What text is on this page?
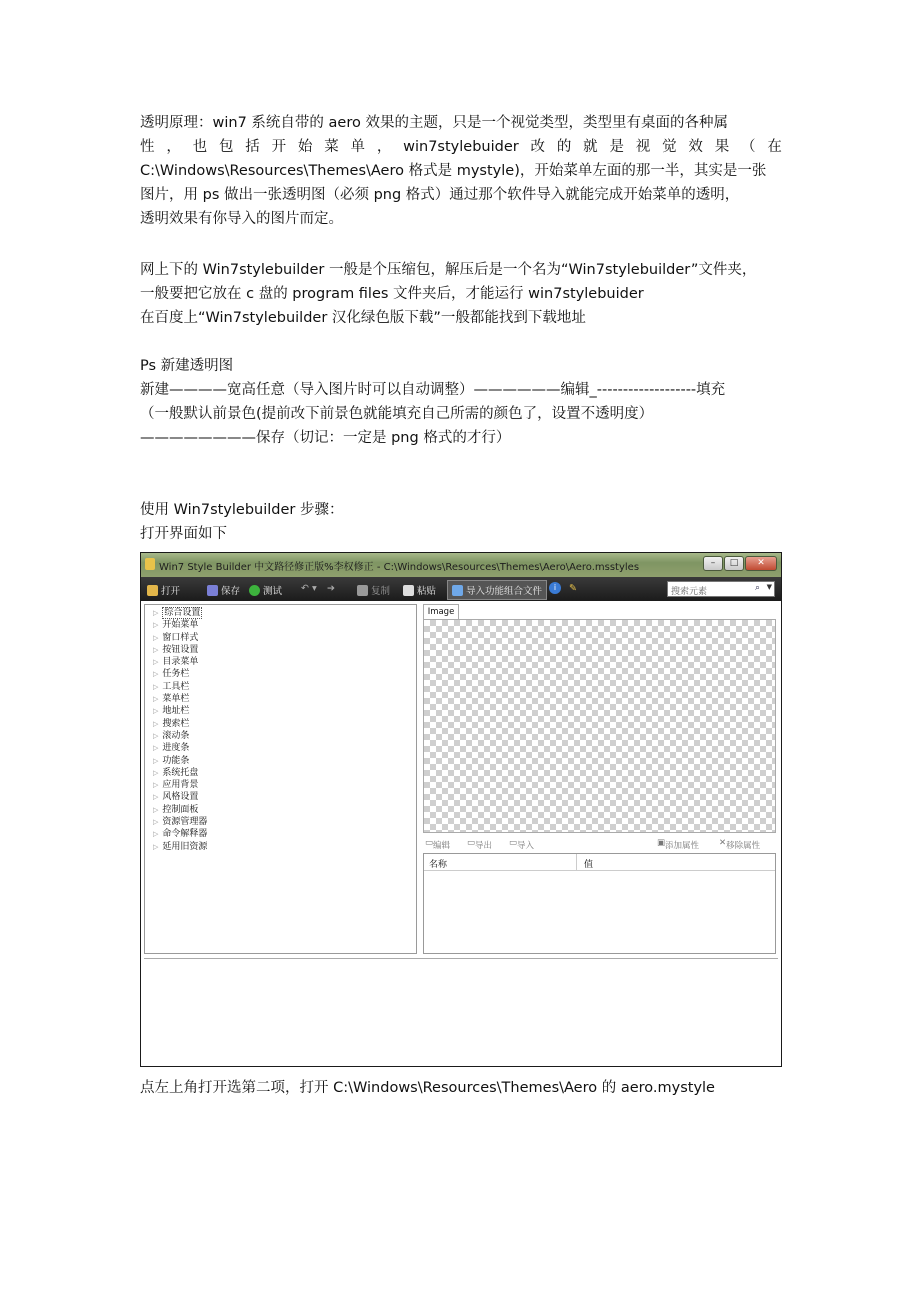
透明原理：win7 系统自带的 aero 效果的主题，只是一个视觉类型，类型里有桌面的各种属
性 ， 也 包 括 开 始 菜 单 ， win7stylebuider 改 的 就 是 视 觉 效 果 （ 在
C:\Windows\Resources\Themes\Aero 格式是 mystyle)，开始菜单左面的那一半，其实是一张
图片，用 ps 做出一张透明图（必须 png 格式）通过那个软件导入就能完成开始菜单的透明，
透明效果有你导入的图片而定。
网上下的 Win7stylebuilder 一般是个压缩包，解压后是一个名为“Win7stylebuilder”文件夹，
一般要把它放在 c 盘的 program files 文件夹后，才能运行 win7stylebuider
在百度上“Win7stylebuilder 汉化绿色版下载”一般都能找到下载地址
Ps 新建透明图
新建————宽高任意（导入图片时可以自动调整）——————编辑_-------------------填充
（一般默认前景色(提前改下前景色就能填充自己所需的颜色了，设置不透明度）
————————保存（切记：一定是 png 格式的才行）
使用 Win7stylebuilder 步骤：
打开界面如下
Win7 Style Builder 中文路径修正版%李权修正 - C:\Windows\Resources\Themes\Aero\Aero.msstyles	–	□	✕
打开	保存	测试 ↶ ▾ ➔	复制	粘贴	导入功能组合文件	i	✎	搜索元素	⌕ ▼
▷ 综合设置
▷ 开始菜单
▷ 窗口样式
▷ 按钮设置
▷ 目录菜单
▷ 任务栏
▷ 工具栏
▷ 菜单栏
▷ 地址栏
▷ 搜索栏
▷ 滚动条
▷ 进度条
▷ 功能条
▷ 系统托盘
▷ 应用背景
▷ 风格设置
▷ 控制面板
▷ 资源管理器
▷ 命令解释器
▷ 延用旧资源
Image
▭ 编辑 ▭ 导出 ▭ 导入	▣ 添加属性 ✕ 移除属性
名称	值
点左上角打开选第二项，打开 C:\Windows\Resources\Themes\Aero 的 aero.mystyle
